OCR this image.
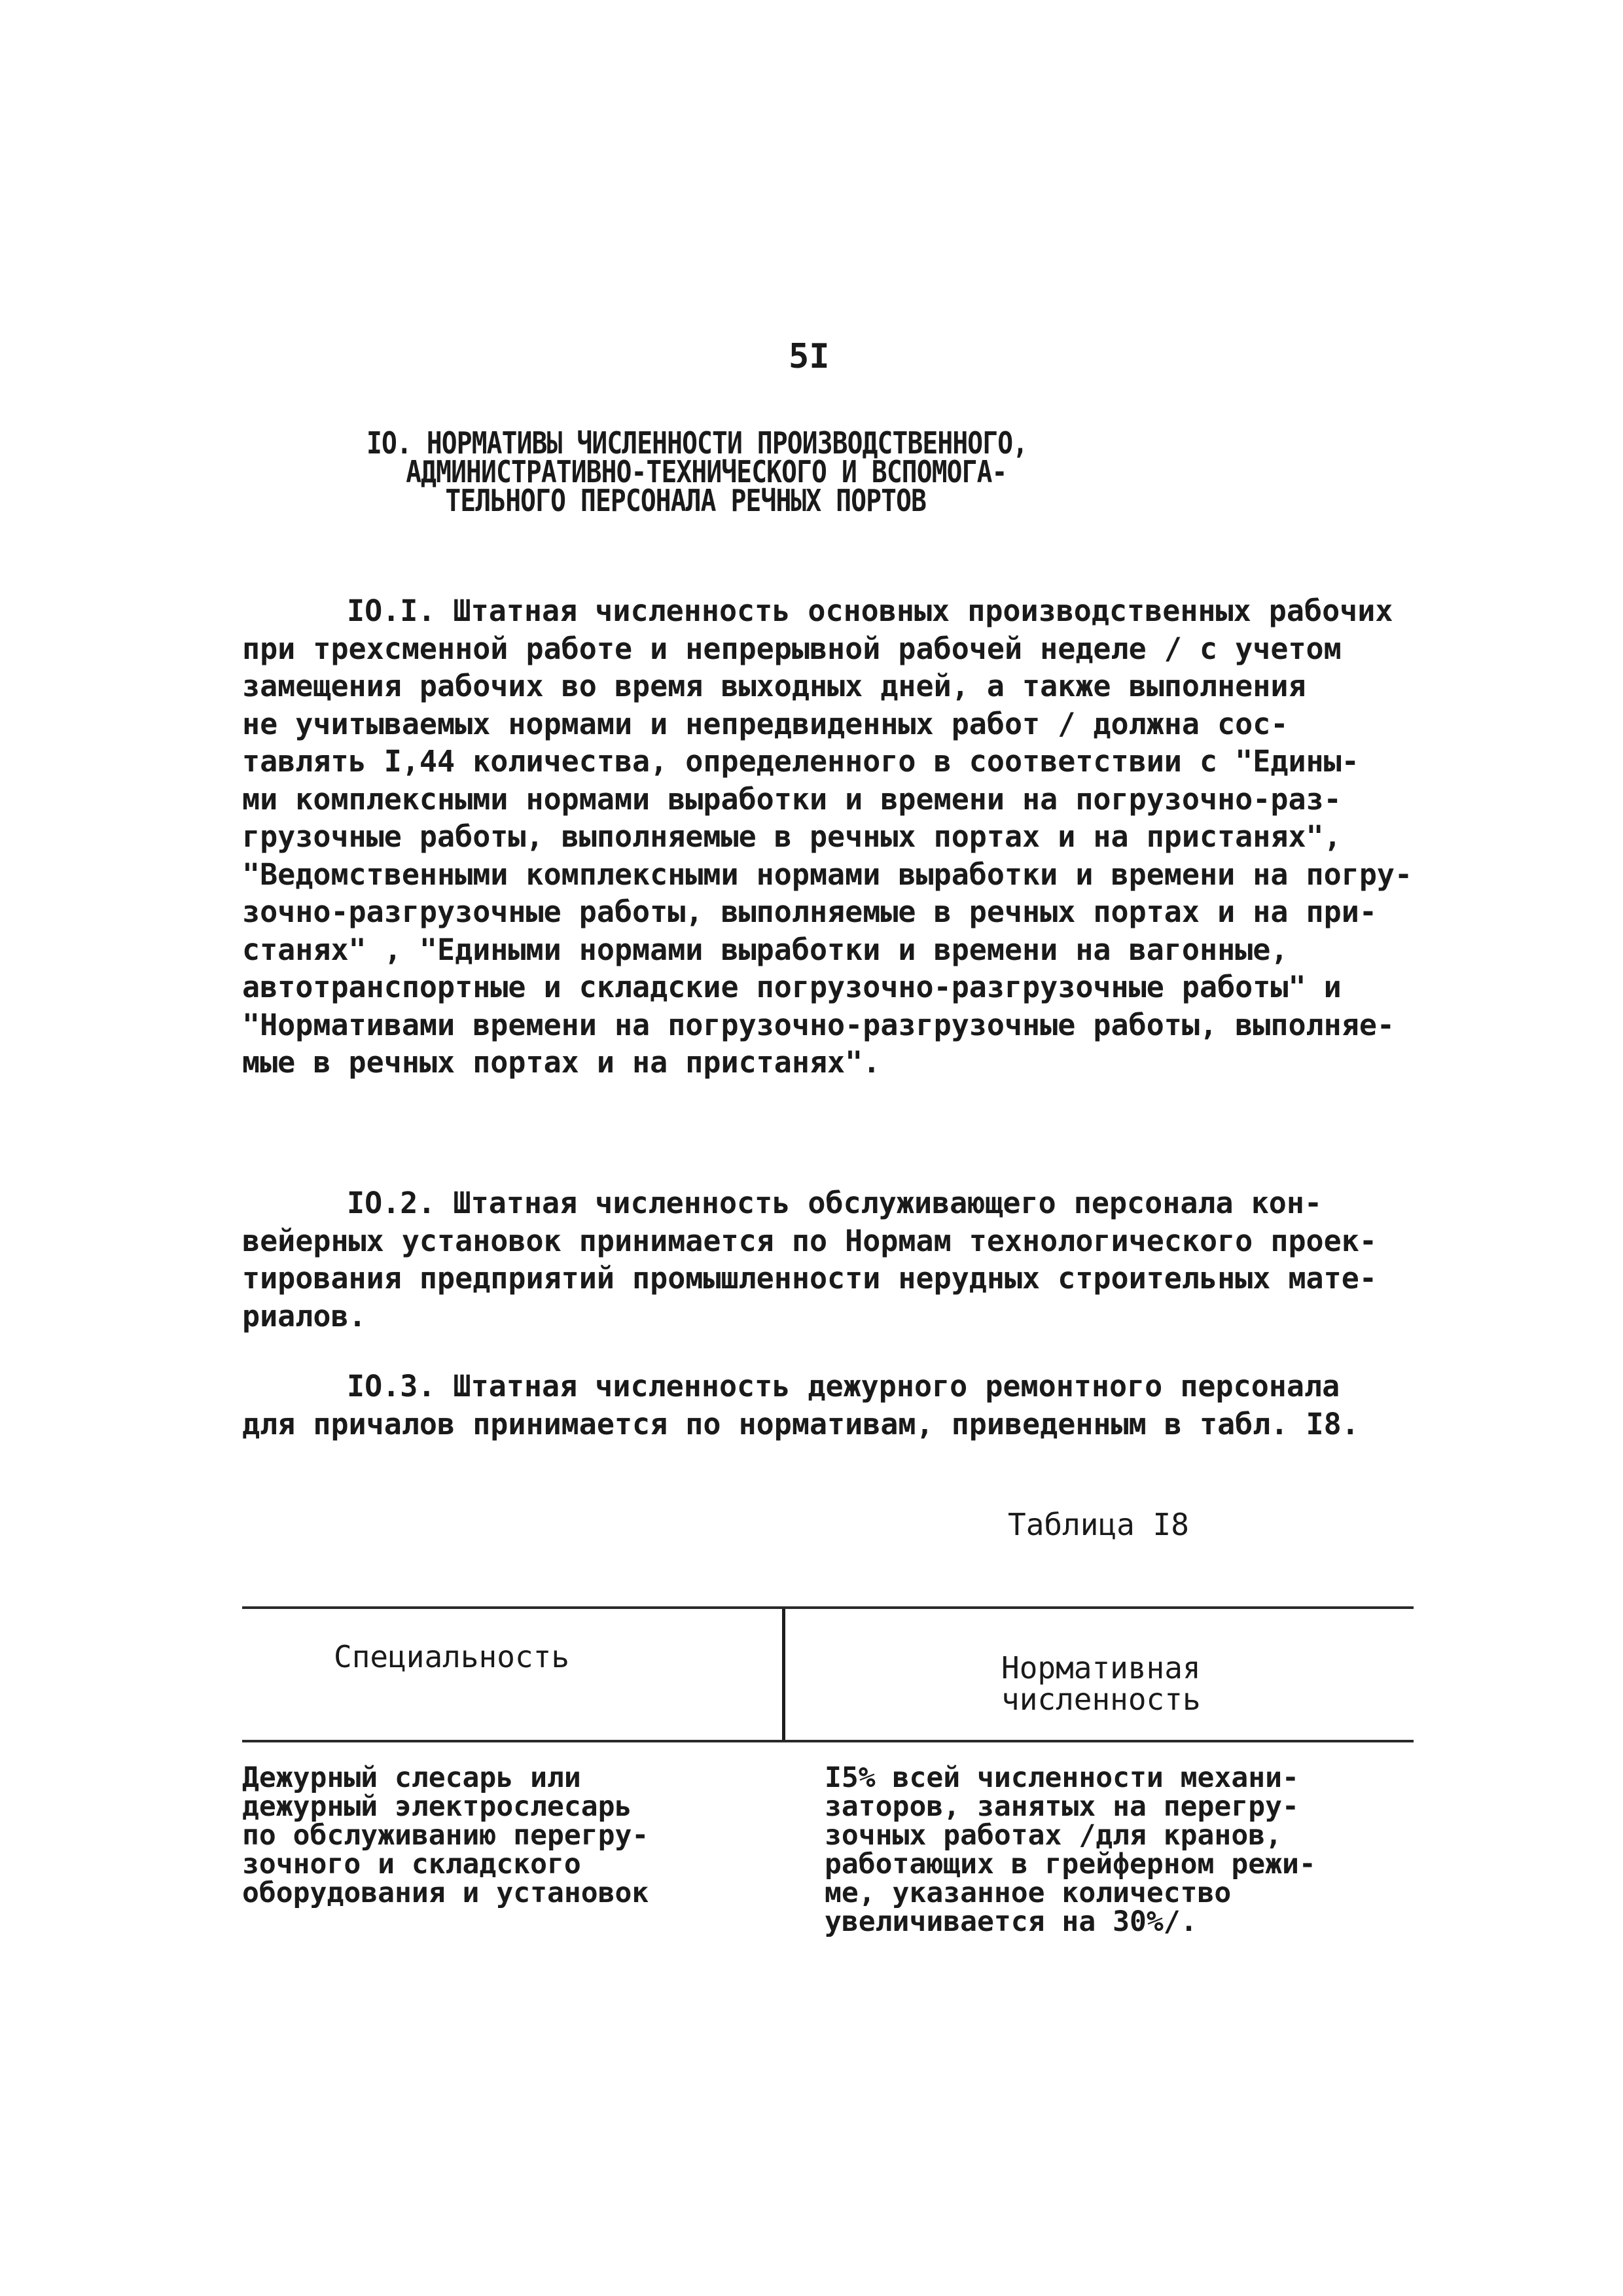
5I
IO. НОРМАТИВЫ ЧИСЛЕННОСТИ ПРОИЗВОДСТВЕННОГО,
АДМИНИСТРАТИВНО-ТЕХНИЧЕСКОГО И ВСПОМОГА-
ТЕЛЬНОГО ПЕРСОНАЛА РЕЧНЫХ ПОРТОВ
IO.I. Штатная численность основных производственных рабочих
при трехсменной работе и непрерывной рабочей неделе / с учетом
замещения рабочих во время выходных дней, а также выполнения
не учитываемых нормами и непредвиденных работ / должна сос-
тавлять I,44 количества, определенного в соответствии с "Едины-
ми комплексными нормами выработки и времени на погрузочно-раз-
грузочные работы, выполняемые в речных портах и на пристанях",
"Ведомственными комплексными нормами выработки и времени на погру-
зочно-разгрузочные работы, выполняемые в речных портах и на при-
станях" , "Едиными нормами выработки и времени на вагонные,
автотранспортные и складские погрузочно-разгрузочные работы" и
"Нормативами времени на погрузочно-разгрузочные работы, выполняе-
мые в речных портах и на пристанях".
IO.2. Штатная численность обслуживающего персонала кон-
вейерных установок принимается по Нормам технологического проек-
тирования предприятий промышленности нерудных строительных мате-
риалов.
IO.3. Штатная численность дежурного ремонтного персонала
для причалов принимается по нормативам, приведенным в табл. I8.
Таблица I8
Специальность	Нормативная
численность
Дежурный слесарь или
дежурный электрослесарь
по обслуживанию перегру-
зочного и складского
оборудования и установок
I5% всей численности механи-
заторов, занятых на перегру-
зочных работах /для кранов,
работающих в грейферном режи-
ме, указанное количество
увеличивается на 30%/.
